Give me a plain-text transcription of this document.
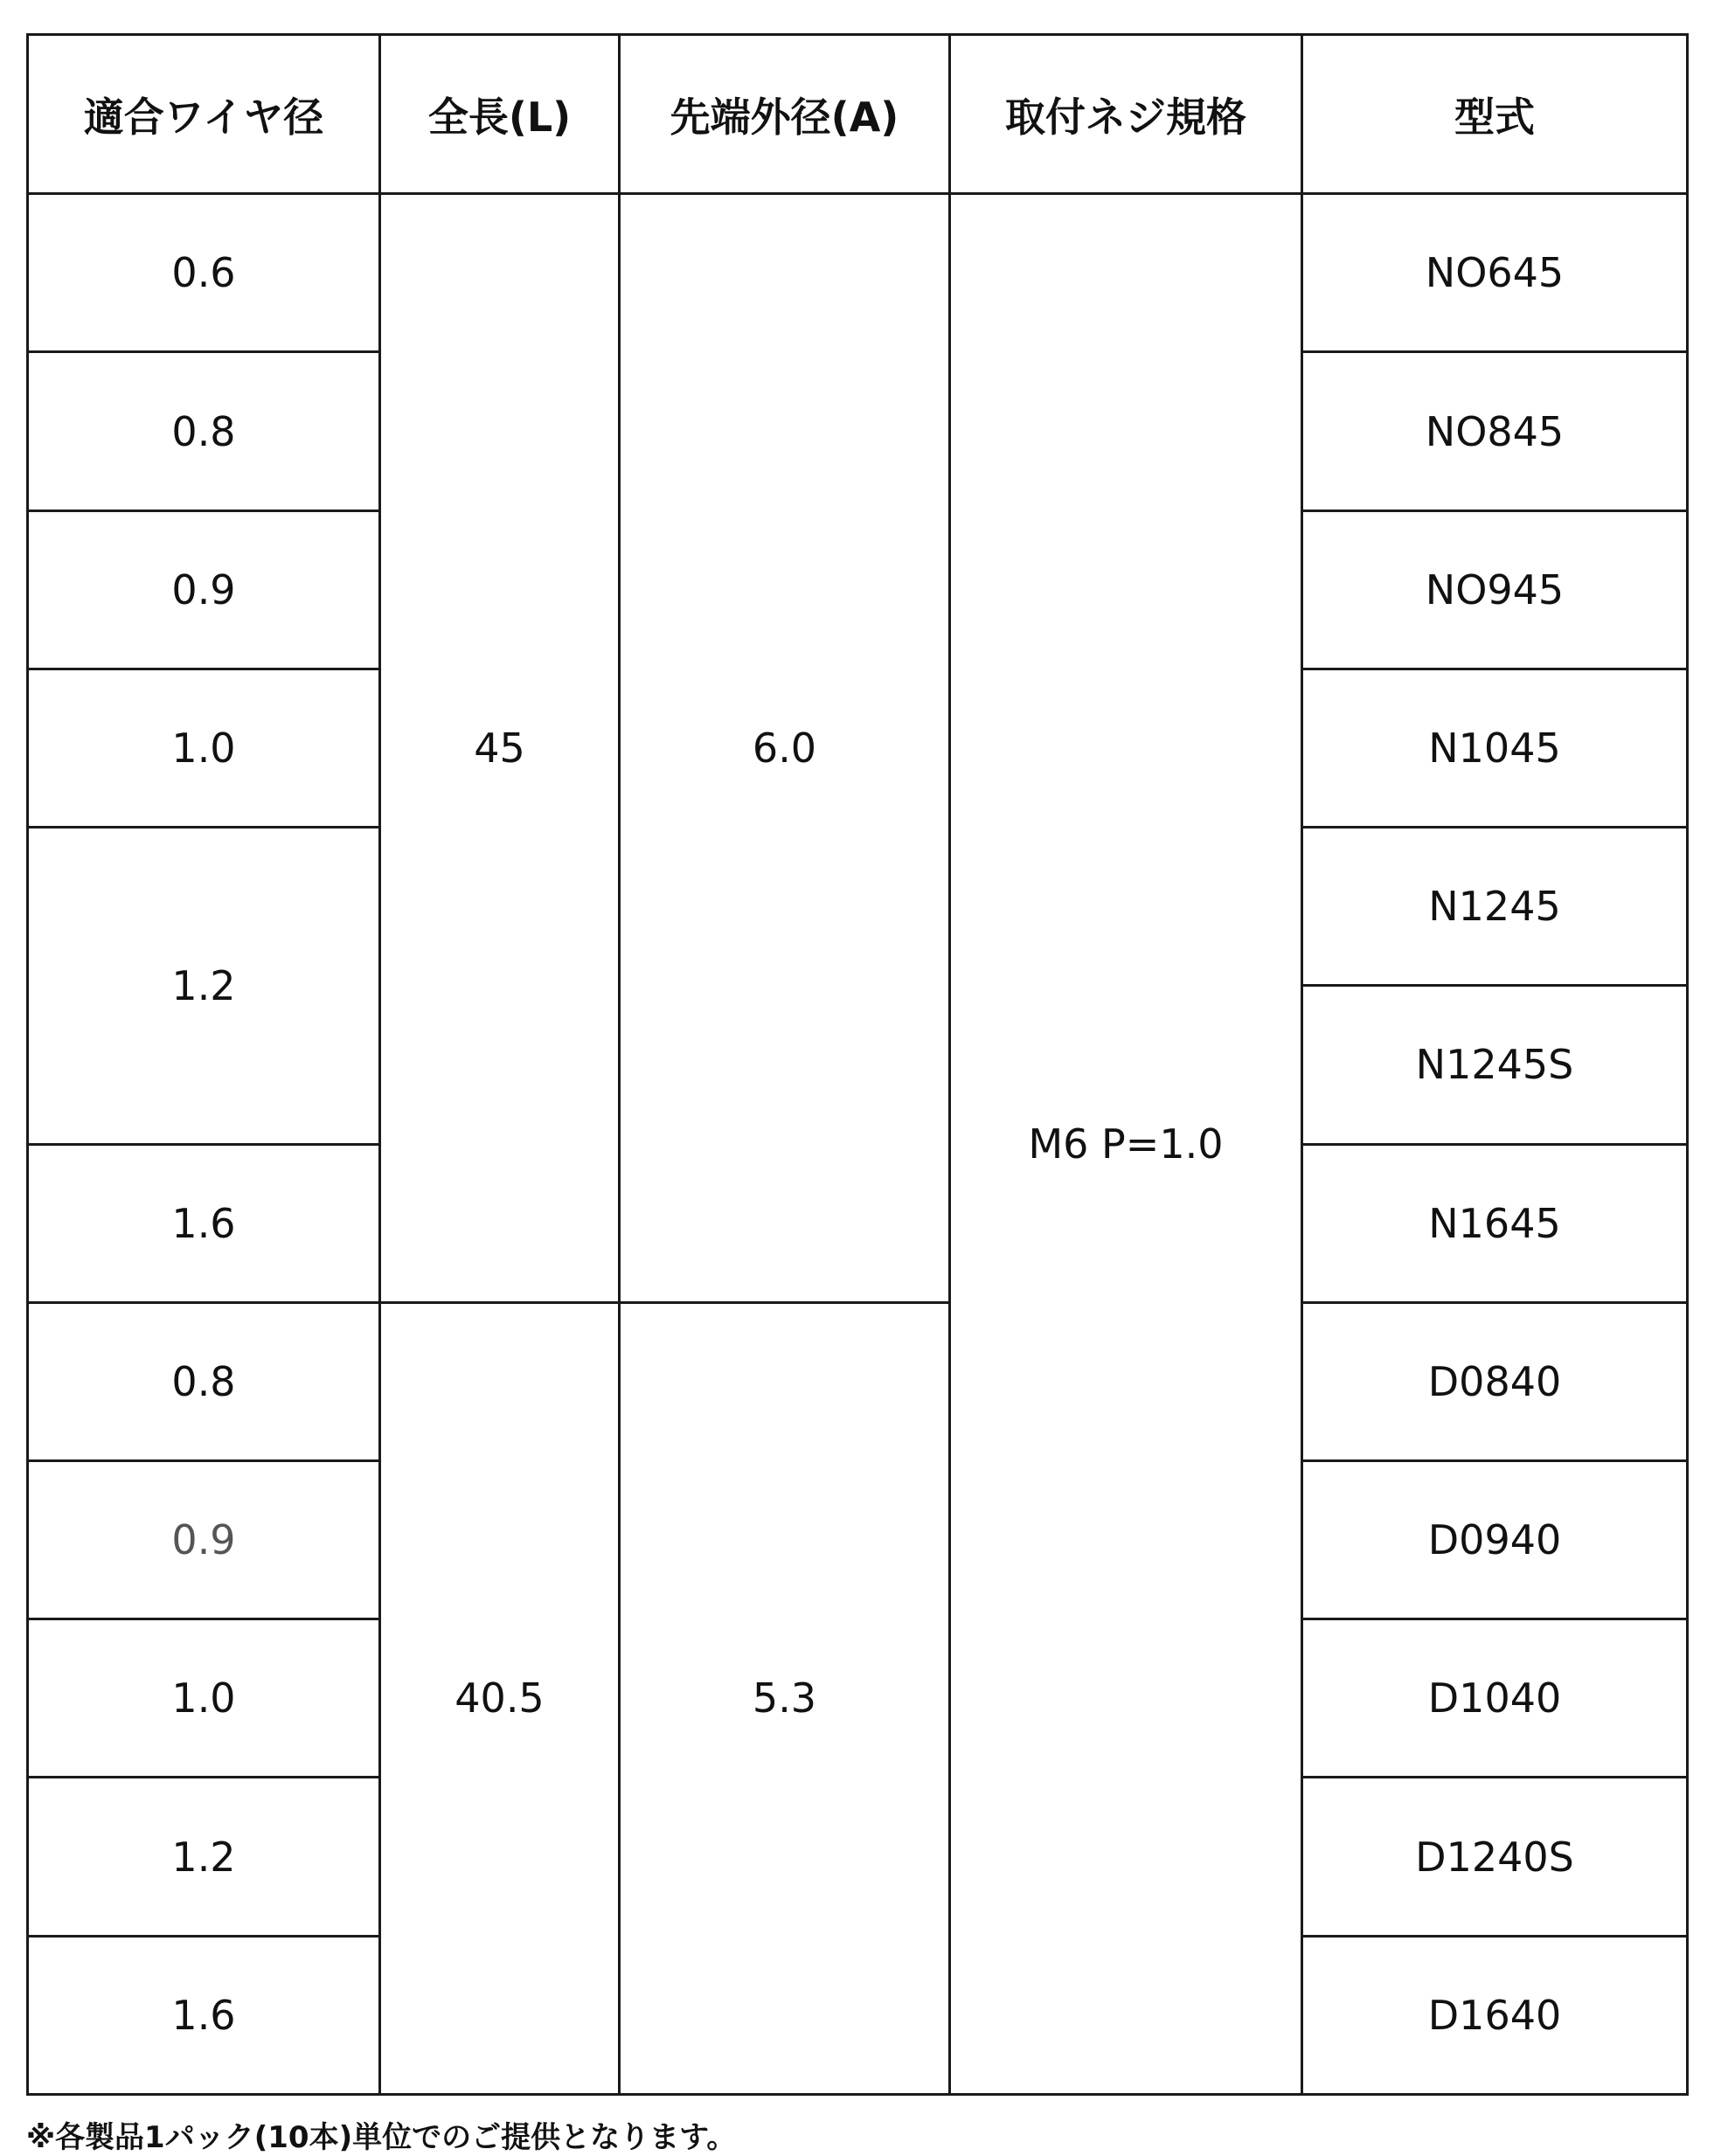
適合ワイヤ径	全長(L)	先端外径(A)	取付ネジ規格	型式
0.6	45	6.0	M6 P=1.0	NO645
0.8				NO845
0.9				NO945
1.0				N1045
1.2				N1245
				N1245S
1.6				N1645
0.8	40.5	5.3		D0840
0.9				D0940
1.0				D1040
1.2				D1240S
1.6				D1640
※各製品1パック(10本)単位でのご提供となります。
